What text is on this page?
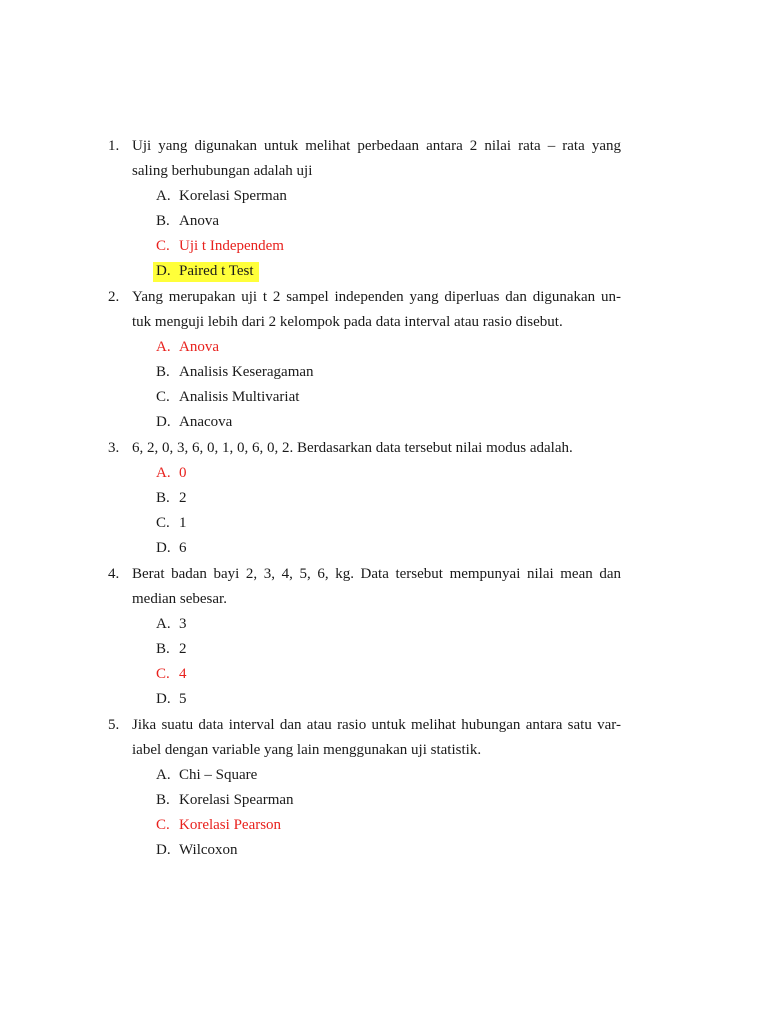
1. Uji yang digunakan untuk melihat perbedaan antara 2 nilai rata – rata yang
saling berhubungan adalah uji
A. Korelasi Sperman
B. Anova
C. Uji t Independem
D. Paired t Test
2. Yang merupakan uji t 2 sampel independen yang diperluas dan digunakan un-
tuk menguji lebih dari 2 kelompok pada data interval atau rasio disebut.
A. Anova
B. Analisis Keseragaman
C. Analisis Multivariat
D. Anacova
3. 6, 2, 0, 3, 6, 0, 1, 0, 6, 0, 2. Berdasarkan data tersebut nilai modus adalah.
A. 0
B. 2
C. 1
D. 6
4. Berat badan bayi 2, 3, 4, 5, 6, kg. Data tersebut mempunyai nilai mean dan
median sebesar.
A. 3
B. 2
C. 4
D. 5
5. Jika suatu data interval dan atau rasio untuk melihat hubungan antara satu var-
iabel dengan variable yang lain menggunakan uji statistik.
A. Chi – Square
B. Korelasi Spearman
C. Korelasi Pearson
D. Wilcoxon
